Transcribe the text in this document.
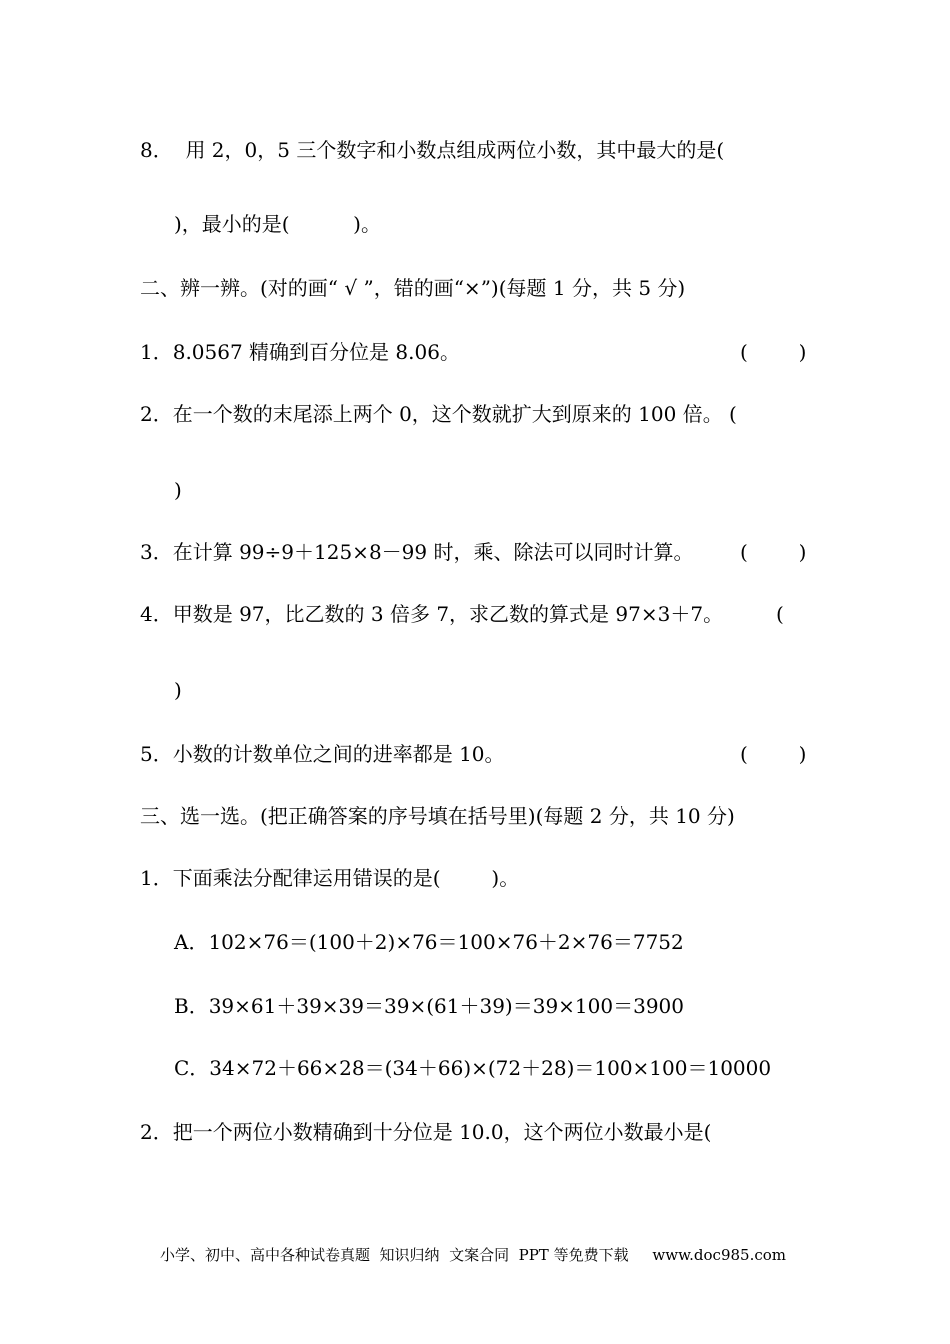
8．  用 2，0，5 三个数字和小数点组成两位小数，其中最大的是(
)，最小的是(          )。
二、辨一辨。(对的画“ √ ”，错的画“×”)(每题 1 分，共 5 分)
1．8.0567 精确到百分位是 8.06。	(        )
2．在一个数的末尾添上两个 0，这个数就扩大到原来的 100 倍。 (
)
3．在计算 99÷9＋125×8－99 时，乘、除法可以同时计算。 (        )
4．甲数是 97，比乙数的 3 倍多 7，求乙数的算式是 97×3＋7。	(
)
5．小数的计数单位之间的进率都是 10。	(        )
三、选一选。(把正确答案的序号填在括号里)(每题 2 分，共 10 分)
1．下面乘法分配律运用错误的是(        )。
A．102×76＝(100＋2)×76＝100×76＋2×76＝7752
B．39×61＋39×39＝39×(61＋39)＝39×100＝3900
C．34×72＋66×28＝(34＋66)×(72＋28)＝100×100＝10000
2．把一个两位小数精确到十分位是 10.0，这个两位小数最小是(
小学、初中、高中各种试卷真题  知识归纳  文案合同  PPT 等免费下载     www.doc985.com
